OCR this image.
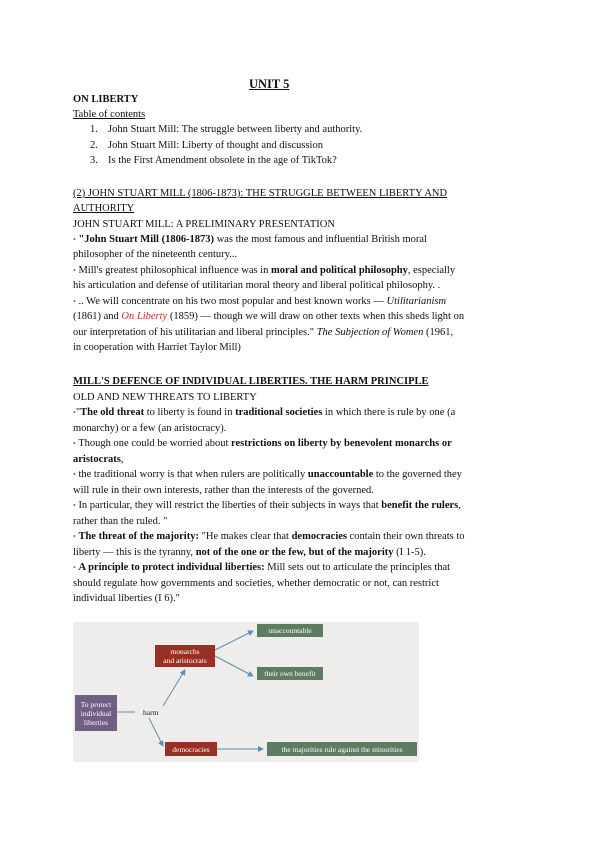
UNIT 5
ON LIBERTY
Table of contents
1. John Stuart Mill: The struggle between liberty and authority.
2. John Stuart Mill: Liberty of thought and discussion
3. Is the First Amendment obsolete in the age of TikTok?
(2) JOHN STUART MILL (1806-1873): THE STRUGGLE BETWEEN LIBERTY AND
AUTHORITY
JOHN STUART MILL: A PRELIMINARY PRESENTATION
• "John Stuart Mill (1806-1873) was the most famous and influential British moral
philosopher of the nineteenth century...
• Mill's greatest philosophical influence was in moral and political philosophy, especially
his articulation and defense of utilitarian moral theory and liberal political philosophy. .
• .. We will concentrate on his two most popular and best known works — Utilitarianism
(1861) and On Liberty (1859) — though we will draw on other texts when this sheds light on
our interpretation of his utilitarian and liberal principles." The Subjection of Women (1961,
in cooperation with Harriet Taylor Mill)
MILL'S DEFENCE OF INDIVIDUAL LIBERTIES. THE HARM PRINCIPLE
OLD AND NEW THREATS TO LIBERTY
•"The old threat to liberty is found in traditional societies in which there is rule by one (a
monarchy) or a few (an aristocracy).
• Though one could be worried about restrictions on liberty by benevolent monarchs or
aristocrats,
• the traditional worry is that when rulers are politically unaccountable to the governed they
will rule in their own interests, rather than the interests of the governed.
• In particular, they will restrict the liberties of their subjects in ways that benefit the rulers,
rather than the ruled. "
• The threat of the majority: "He makes clear that democracies contain their own threats to
liberty — this is the tyranny, not of the one or the few, but of the majority (I 1-5).
• A principle to protect individual liberties: Mill sets out to articulate the principles that
should regulate how governments and societies, whether democratic or not, can restrict
individual liberties (I 6)."
To protect
individual
liberties
harm
monarchs
and aristocrats
democracies
unaccountable
their own benefit
the majorities rule against the minorities
